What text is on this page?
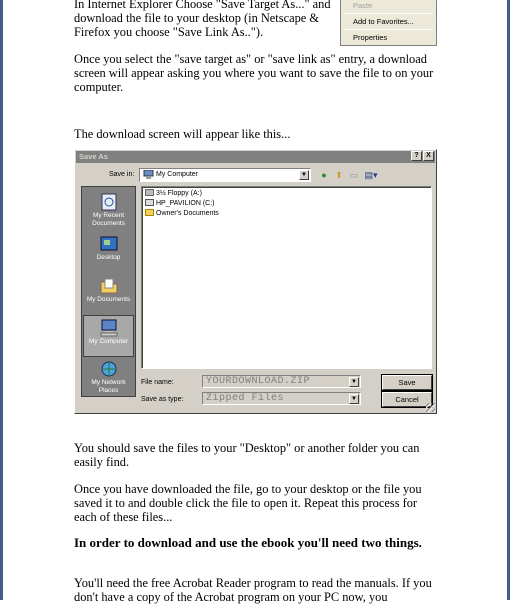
In Internet Explorer Choose "Save Target As..." and download the file to your desktop (in Netscape & Firefox you choose "Save Link As..").

Paste
Add to Favorites...
Properties

Once you select the "save target as" or "save link as" entry, a download screen will appear asking you where you want to save the file to on your computer.

The download screen will appear like this...

Save As	?	X
Save in:	My Computer	▼	● ⬆ ▭ ▤▾
My Recent Documents
Desktop
My Documents
My Computer
My Network Places
3½ Floppy (A:)
HP_PAVILION (C:)
Owner's Documents
File name:	YOURDOWNLOAD.ZIP	▼
Save as type: Zipped Files	▼
Save
Cancel

You should save the files to your "Desktop" or another folder you can easily find.

Once you have downloaded the file, go to your desktop or the file you saved it to and double click the file to open it. Repeat this process for each of these files...

In order to download and use the ebook you'll need two things.

You'll need the free Acrobat Reader program to read the manuals. If you don't have a copy of the Acrobat program on your PC now, you
